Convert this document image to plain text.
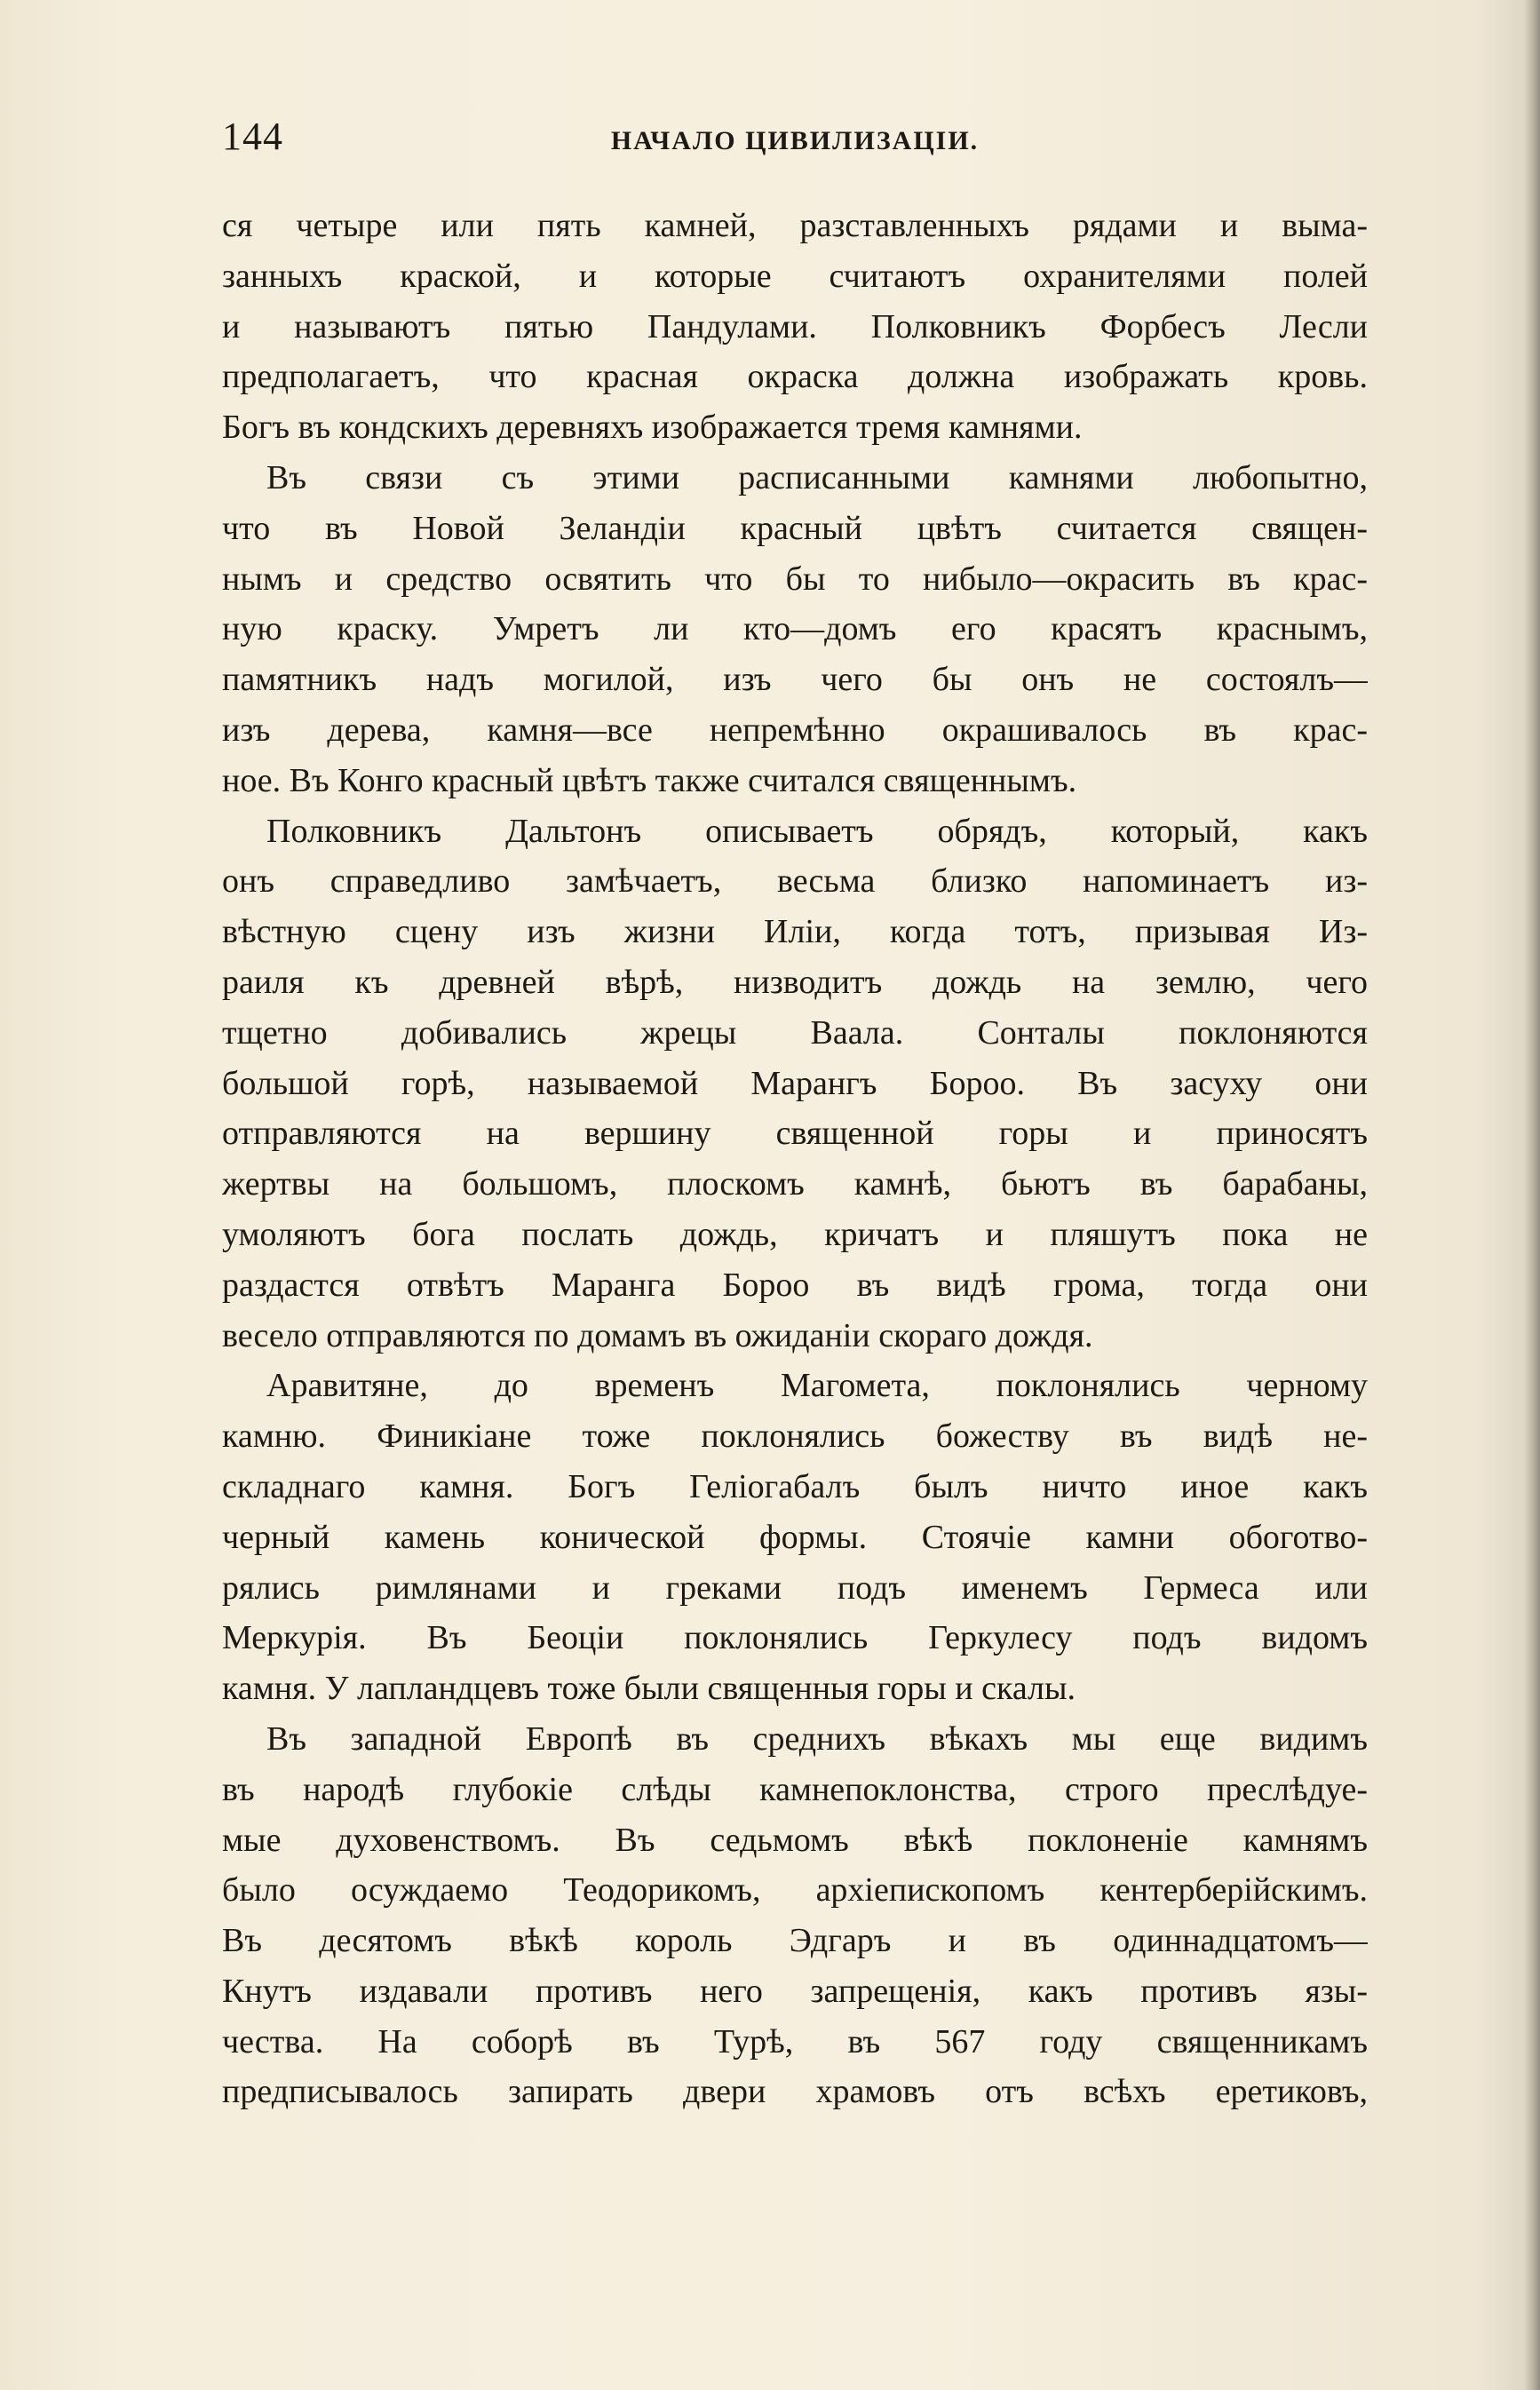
144	НАЧАЛО ЦИВИЛИЗАЦІИ.
ся четыре или пять камней, разставленныхъ рядами и выма-
занныхъ краской, и которые считаютъ охранителями полей
и называютъ пятью Пандулами. Полковникъ Форбесъ Лесли
предполагаетъ, что красная окраска должна изображать кровь.
Богъ въ кондскихъ деревняхъ изображается тремя камнями.
Въ связи съ этими расписанными камнями любопытно,
что въ Новой Зеландіи красный цвѣтъ считается священ-
нымъ и средство освятить что бы то нибыло—окрасить въ крас-
ную краску. Умретъ ли кто—домъ его красятъ краснымъ,
памятникъ надъ могилой, изъ чего бы онъ не состоялъ—
изъ дерева, камня—все непремѣнно окрашивалось въ крас-
ное. Въ Конго красный цвѣтъ также считался священнымъ.
Полковникъ Дальтонъ описываетъ обрядъ, который, какъ
онъ справедливо замѣчаетъ, весьма близко напоминаетъ из-
вѣстную сцену изъ жизни Иліи, когда тотъ, призывая Из-
раиля къ древней вѣрѣ, низводитъ дождь на землю, чего
тщетно добивались жрецы Ваала. Сонталы поклоняются
большой горѣ, называемой Марангъ Бороо. Въ засуху они
отправляются на вершину священной горы и приносятъ
жертвы на большомъ, плоскомъ камнѣ, бьютъ въ барабаны,
умоляютъ бога послать дождь, кричатъ и пляшутъ пока не
раздастся отвѣтъ Маранга Бороо въ видѣ грома, тогда они
весело отправляются по домамъ въ ожиданіи скораго дождя.
Аравитяне, до временъ Магомета, поклонялись черному
камню. Финикіане тоже поклонялись божеству въ видѣ не-
складнаго камня. Богъ Геліогабалъ былъ ничто иное какъ
черный камень конической формы. Стоячіе камни обоготво-
рялись римлянами и греками подъ именемъ Гермеса или
Меркурія. Въ Беоціи поклонялись Геркулесу подъ видомъ
камня. У лапландцевъ тоже были священныя горы и скалы.
Въ западной Европѣ въ среднихъ вѣкахъ мы еще видимъ
въ народѣ глубокіе слѣды камнепоклонства, строго преслѣдуе-
мые духовенствомъ. Въ седьмомъ вѣкѣ поклоненіе камнямъ
было осуждаемо Теодорикомъ, архіепископомъ кентерберійскимъ.
Въ десятомъ вѣкѣ король Эдгаръ и въ одиннадцатомъ—
Кнутъ издавали противъ него запрещенія, какъ противъ язы-
чества. На соборѣ въ Турѣ, въ 567 году священникамъ
предписывалось запирать двери храмовъ отъ всѣхъ еретиковъ,
